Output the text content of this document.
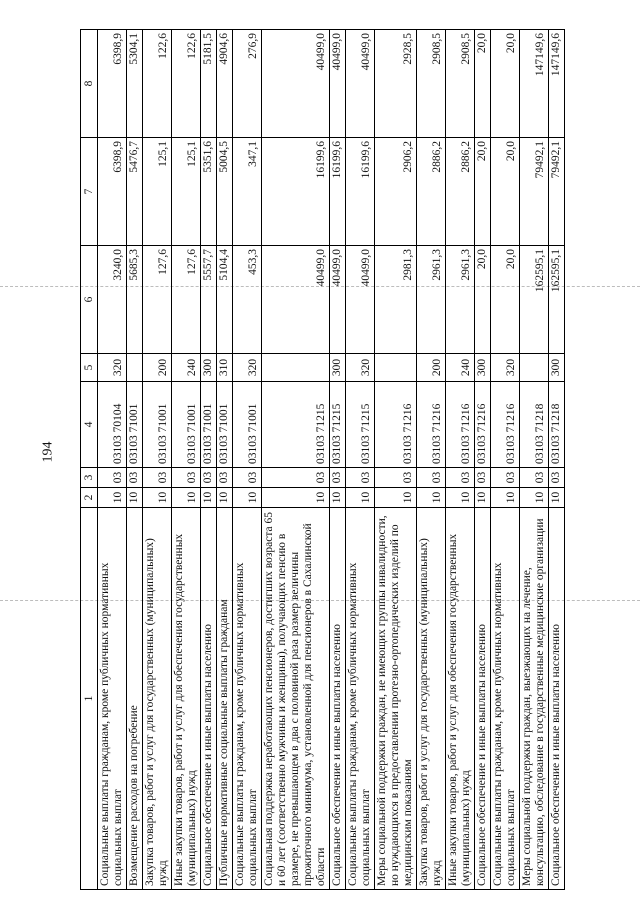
194
1	2	3	4	5	6	7	8
Социальные выплаты гражданам, кроме публичных нормативных социальных выплат	10	03	03103 70104	320	3240,0	6398,9	6398,9
Возмещение расходов на погребение	10	03	03103 71001		5685,3	5476,7	5304,1
Закупка товаров, работ и услуг для государственных (муниципальных) нужд	10	03	03103 71001	200	127,6	125,1	122,6
Иные закупки товаров, работ и услуг для обеспечения государственных (муниципальных) нужд	10	03	03103 71001	240	127,6	125,1	122,6
Социальное обеспечение и иные выплаты населению	10	03	03103 71001	300	5557,7	5351,6	5181,5
Публичные нормативные социальные выплаты гражданам	10	03	03103 71001	310	5104,4	5004,5	4904,6
Социальные выплаты гражданам, кроме публичных нормативных социальных выплат	10	03	03103 71001	320	453,3	347,1	276,9
Социальная поддержка неработающих пенсионеров, достигших возраста 65 и 60 лет (соответственно мужчины и женщины), получающих пенсию в размере, не превышающем в два с половиной раза размер величины прожиточного минимума, установленной для пенсионеров в Сахалинской области	10	03	03103 71215		40499,0	16199,6	40499,0
Социальное обеспечение и иные выплаты населению	10	03	03103 71215	300	40499,0	16199,6	40499,0
Социальные выплаты гражданам, кроме публичных нормативных социальных выплат	10	03	03103 71215	320	40499,0	16199,6	40499,0
Меры социальной поддержки граждан, не имеющих группы инвалидности, но нуждающихся в предоставлении протезно-ортопедических изделий по медицинским показаниям	10	03	03103 71216		2981,3	2906,2	2928,5
Закупка товаров, работ и услуг для государственных (муниципальных) нужд	10	03	03103 71216	200	2961,3	2886,2	2908,5
Иные закупки товаров, работ и услуг для обеспечения государственных (муниципальных) нужд	10	03	03103 71216	240	2961,3	2886,2	2908,5
Социальное обеспечение и иные выплаты населению	10	03	03103 71216	300	20,0	20,0	20,0
Социальные выплаты гражданам, кроме публичных нормативных социальных выплат	10	03	03103 71216	320	20,0	20,0	20,0
Меры социальной поддержки граждан, выезжающих на лечение, консультацию, обследование в государственные медицинские организации	10	03	03103 71218		162595,1	79492,1	147149,6
Социальное обеспечение и иные выплаты населению	10	03	03103 71218	300	162595,1	79492,1	147149,6
